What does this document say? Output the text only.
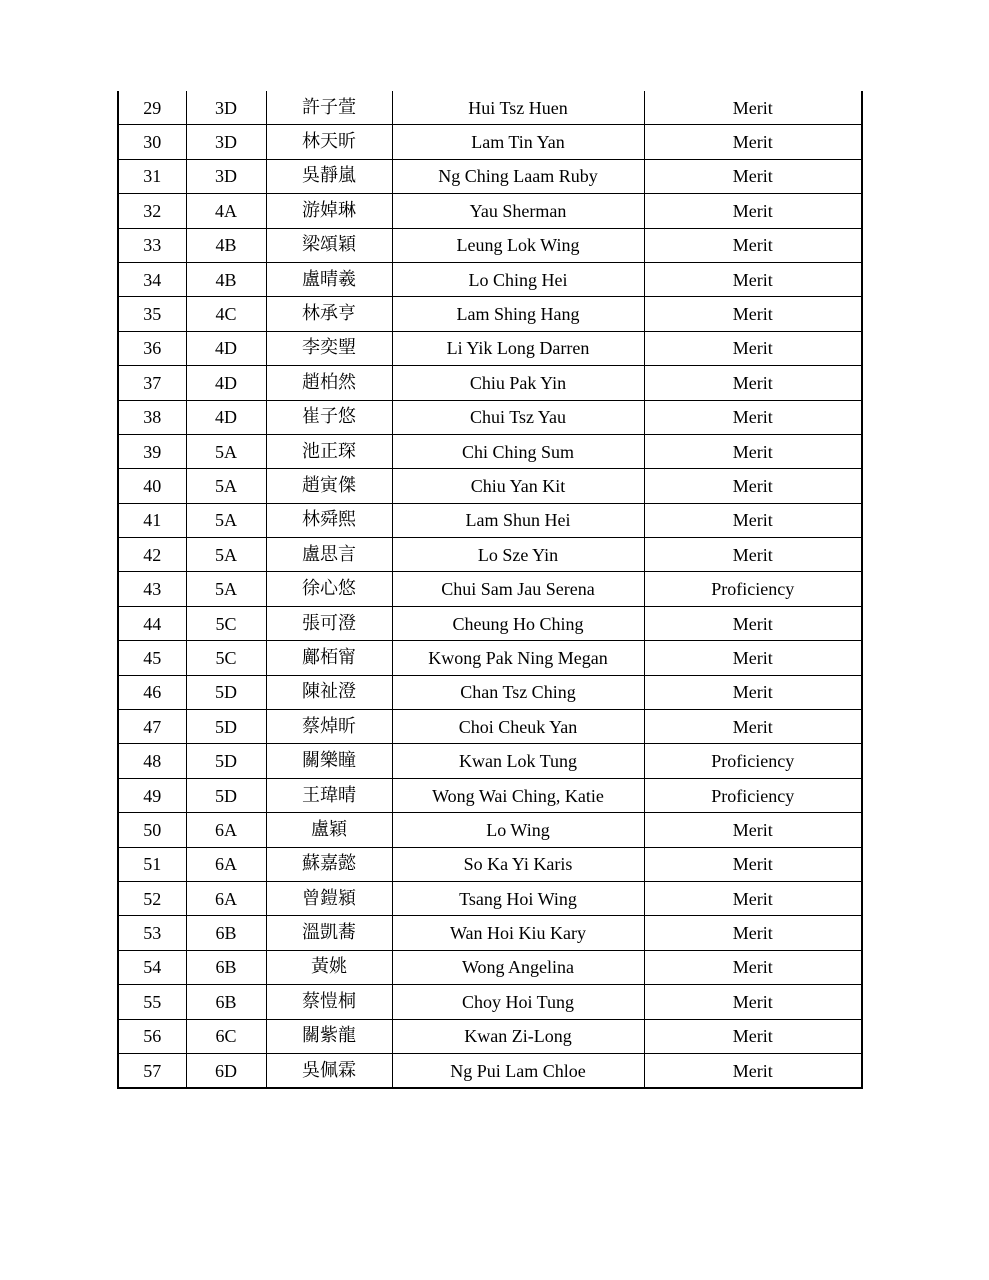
29	3D	許子萱	Hui Tsz Huen	Merit
30	3D	林天昕	Lam Tin Yan	Merit
31	3D	吳靜嵐	Ng Ching Laam Ruby	Merit
32	4A	游婥琳	Yau Sherman	Merit
33	4B	梁頌穎	Leung Lok Wing	Merit
34	4B	盧晴羲	Lo Ching Hei	Merit
35	4C	林承亨	Lam Shing Hang	Merit
36	4D	李奕朢	Li Yik Long Darren	Merit
37	4D	趙柏然	Chiu Pak Yin	Merit
38	4D	崔子悠	Chui Tsz Yau	Merit
39	5A	池正琛	Chi Ching Sum	Merit
40	5A	趙寅傑	Chiu Yan Kit	Merit
41	5A	林舜熙	Lam Shun Hei	Merit
42	5A	盧思言	Lo Sze Yin	Merit
43	5A	徐心悠	Chui Sam Jau Serena	Proficiency
44	5C	張可澄	Cheung Ho Ching	Merit
45	5C	鄺栢甯	Kwong Pak Ning Megan	Merit
46	5D	陳祉澄	Chan Tsz Ching	Merit
47	5D	蔡焯昕	Choi Cheuk Yan	Merit
48	5D	關樂瞳	Kwan Lok Tung	Proficiency
49	5D	王瑋晴	Wong Wai Ching, Katie	Proficiency
50	6A	盧穎	Lo Wing	Merit
51	6A	蘇嘉懿	So Ka Yi Karis	Merit
52	6A	曾鎧潁	Tsang Hoi Wing	Merit
53	6B	溫凱蕎	Wan Hoi Kiu Kary	Merit
54	6B	黃姚	Wong Angelina	Merit
55	6B	蔡愷桐	Choy Hoi Tung	Merit
56	6C	關紫龍	Kwan Zi-Long	Merit
57	6D	吳佩霖	Ng Pui Lam Chloe	Merit
